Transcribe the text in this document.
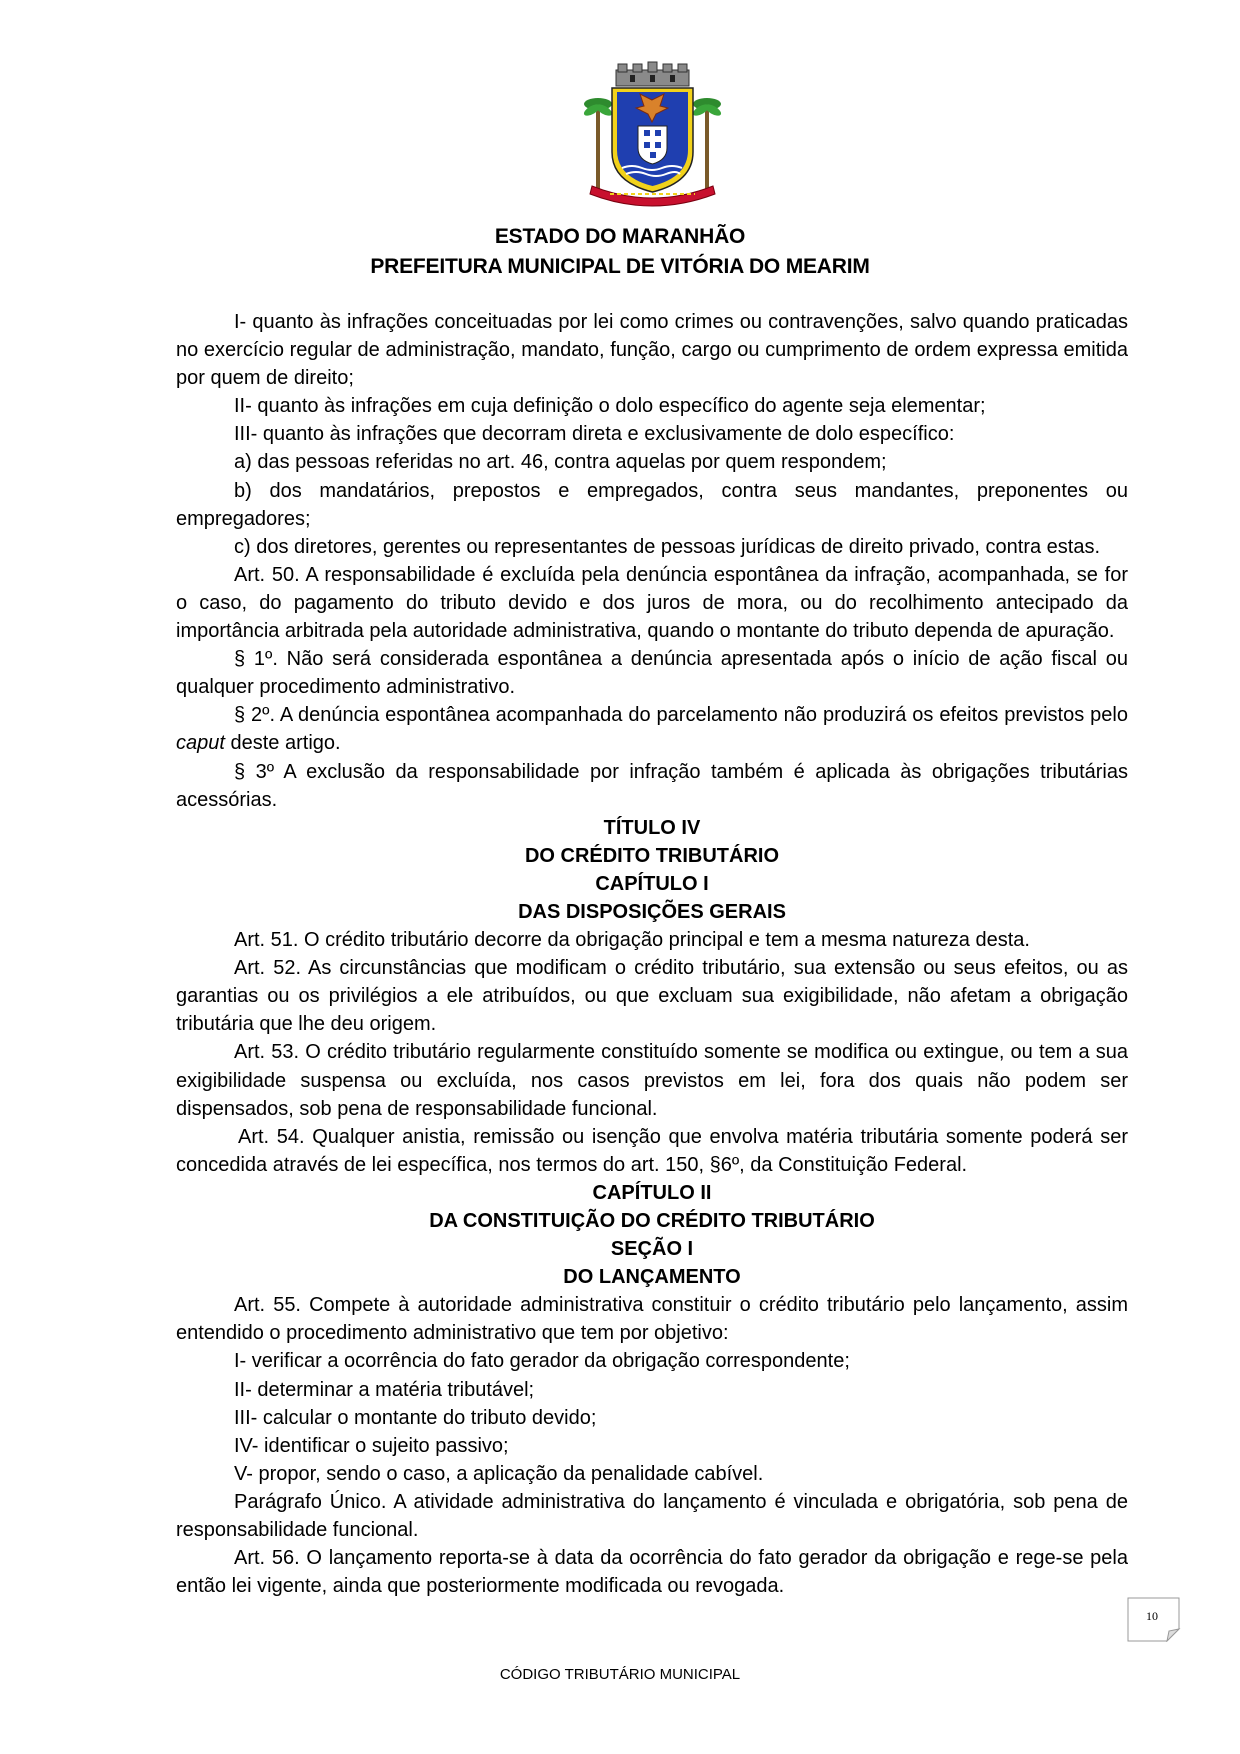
ESTADO DO MARANHÃO
PREFEITURA MUNICIPAL DE VITÓRIA DO MEARIM

I- quanto às infrações conceituadas por lei como crimes ou contravenções, salvo quando praticadas no exercício regular de administração, mandato, função, cargo ou cumprimento de ordem expressa emitida por quem de direito;

II- quanto às infrações em cuja definição o dolo específico do agente seja elementar;

III- quanto às infrações que decorram direta e exclusivamente de dolo específico:

a) das pessoas referidas no art. 46, contra aquelas por quem respondem;

b) dos mandatários, prepostos e empregados, contra seus mandantes, preponentes ou empregadores;

c) dos diretores, gerentes ou representantes de pessoas jurídicas de direito privado, contra estas.

Art. 50. A responsabilidade é excluída pela denúncia espontânea da infração, acompanhada, se for o caso, do pagamento do tributo devido e dos juros de mora, ou do recolhimento antecipado da importância arbitrada pela autoridade administrativa, quando o montante do tributo dependa de apuração.

§ 1º. Não será considerada espontânea a denúncia apresentada após o início de ação fiscal ou qualquer procedimento administrativo.

§ 2º. A denúncia espontânea acompanhada do parcelamento não produzirá os efeitos previstos pelo caput deste artigo.

§ 3º A exclusão da responsabilidade por infração também é aplicada às obrigações tributárias acessórias.

TÍTULO IV

DO CRÉDITO TRIBUTÁRIO

CAPÍTULO I

DAS DISPOSIÇÕES GERAIS

Art. 51. O crédito tributário decorre da obrigação principal e tem a mesma natureza desta.

Art. 52. As circunstâncias que modificam o crédito tributário, sua extensão ou seus efeitos, ou as garantias ou os privilégios a ele atribuídos, ou que excluam sua exigibilidade, não afetam a obrigação tributária que lhe deu origem.

Art. 53. O crédito tributário regularmente constituído somente se modifica ou extingue, ou tem a sua exigibilidade suspensa ou excluída, nos casos previstos em lei, fora dos quais não podem ser dispensados, sob pena de responsabilidade funcional.

Art. 54. Qualquer anistia, remissão ou isenção que envolva matéria tributária somente poderá ser concedida através de lei específica, nos termos do art. 150, §6º, da Constituição Federal.

CAPÍTULO II

DA CONSTITUIÇÃO DO CRÉDITO TRIBUTÁRIO

SEÇÃO I

DO LANÇAMENTO

Art. 55. Compete à autoridade administrativa constituir o crédito tributário pelo lançamento, assim entendido o procedimento administrativo que tem por objetivo:

I- verificar a ocorrência do fato gerador da obrigação correspondente;

II- determinar a matéria tributável;

III- calcular o montante do tributo devido;

IV- identificar o sujeito passivo;

V- propor, sendo o caso, a aplicação da penalidade cabível.

Parágrafo Único. A atividade administrativa do lançamento é vinculada e obrigatória, sob pena de responsabilidade funcional.

Art. 56. O lançamento reporta-se à data da ocorrência do fato gerador da obrigação e rege-se pela então lei vigente, ainda que posteriormente modificada ou revogada.

10
CÓDIGO TRIBUTÁRIO MUNICIPAL
